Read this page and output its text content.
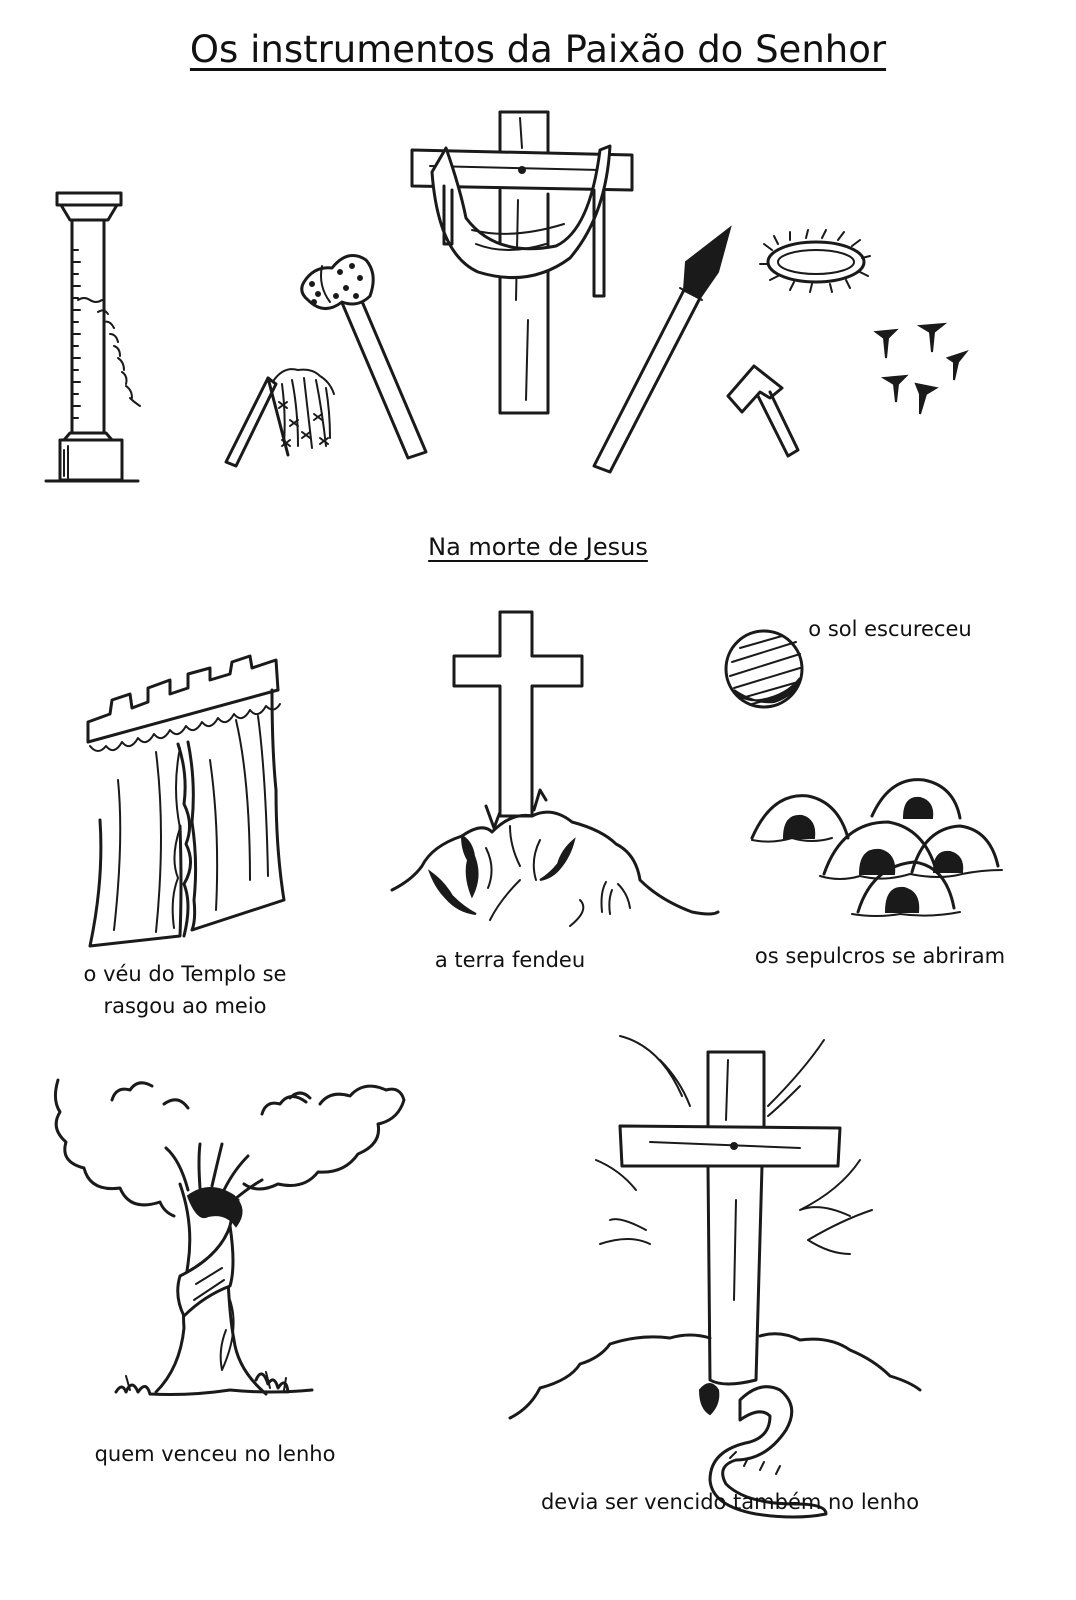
Os instrumentos da Paixão do Senhor
Na morte de Jesus
o véu do Templo se
rasgou ao meio
a terra fendeu
o sol escureceu
os sepulcros se abriram
quem venceu no lenho
devia ser vencido também no lenho
